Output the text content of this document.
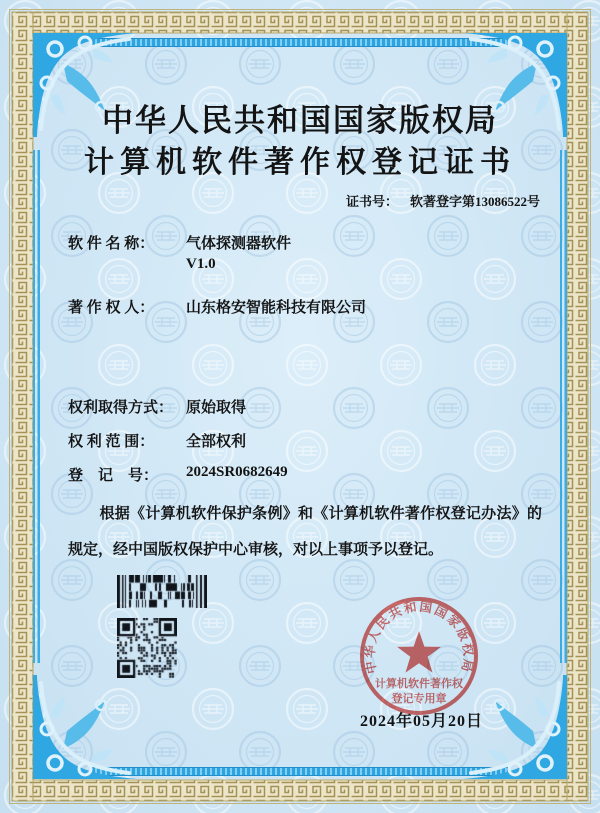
中华人民共和国国家版权局
计算机软件著作权登记证书
证书号： 软著登字第13086522号
软 件 名 称：	气体探测器软件
V1.0
著 作 权 人：	山东格安智能科技有限公司
权利取得方式： 原始取得
权 利 范 围：	全部权利
登　记　号：	2024SR0682649
根据《计算机软件保护条例》和《计算机软件著作权登记办法》的规定，经中国版权保护中心审核，对以上事项予以登记。
2024年05月20日
中华人民共和国国家版权局
计算机软件著作权
登记专用章
